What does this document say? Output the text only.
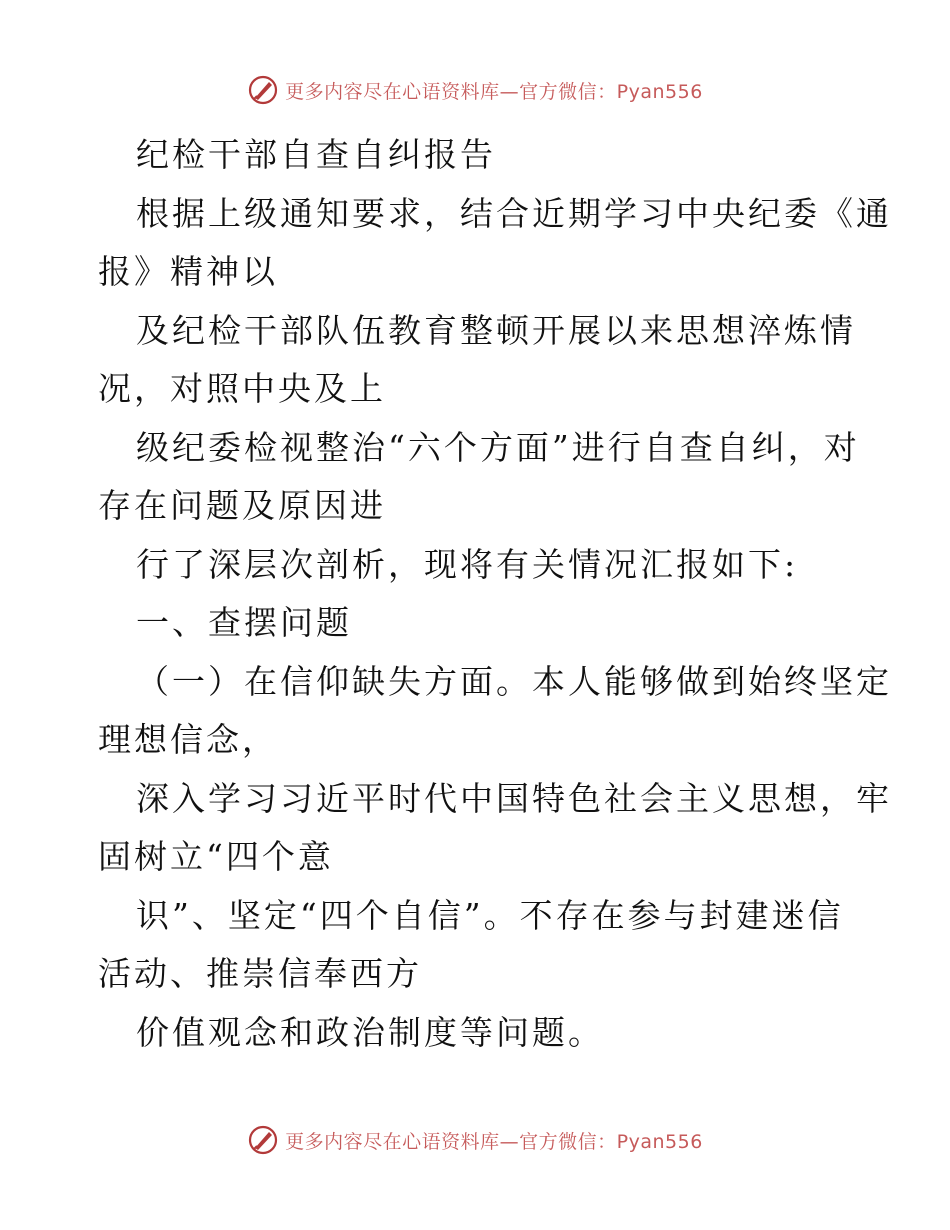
更多内容尽在心语资料库—官方微信：Pyan556
纪检干部自查自纠报告
根据上级通知要求，结合近期学习中央纪委《通
报》精神以
及纪检干部队伍教育整顿开展以来思想淬炼情
况，对照中央及上
级纪委检视整治“六个方面”进行自查自纠，对
存在问题及原因进
行了深层次剖析，现将有关情况汇报如下:
一、查摆问题
（一）在信仰缺失方面。本人能够做到始终坚定
理想信念，
深入学习习近平时代中国特色社会主义思想，牢
固树立“四个意
识”、坚定“四个自信”。不存在参与封建迷信
活动、推崇信奉西方
价值观念和政治制度等问题。
更多内容尽在心语资料库—官方微信：Pyan556
